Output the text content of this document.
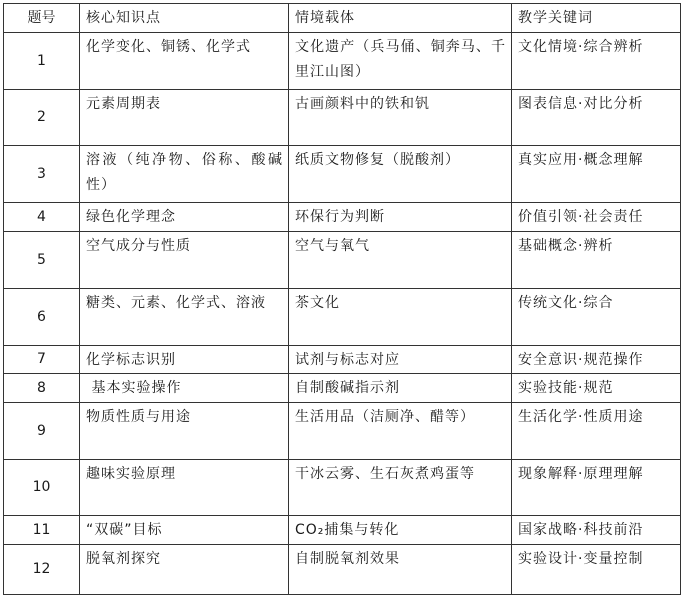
题号	核心知识点	情境载体	教学关键词
1	化学变化、铜锈、化学式	文化遗产（兵马俑、铜奔马、千里江山图）	文化情境·综合辨析
2	元素周期表	古画颜料中的铁和钒	图表信息·对比分析
3	溶液（纯净物、俗称、酸碱性）	纸质文物修复（脱酸剂）	真实应用·概念理解
4	绿色化学理念	环保行为判断	价值引领·社会责任
5	空气成分与性质	空气与氧气	基础概念·辨析
6	糖类、元素、化学式、溶液	茶文化	传统文化·综合
7	化学标志识别	试剂与标志对应	安全意识·规范操作
8	基本实验操作	自制酸碱指示剂	实验技能·规范
9	物质性质与用途	生活用品（洁厕净、醋等）	生活化学·性质用途
10	趣味实验原理	干冰云雾、生石灰煮鸡蛋等	现象解释·原理理解
11	“双碳”目标	CO₂捕集与转化	国家战略·科技前沿
12	脱氧剂探究	自制脱氧剂效果	实验设计·变量控制
